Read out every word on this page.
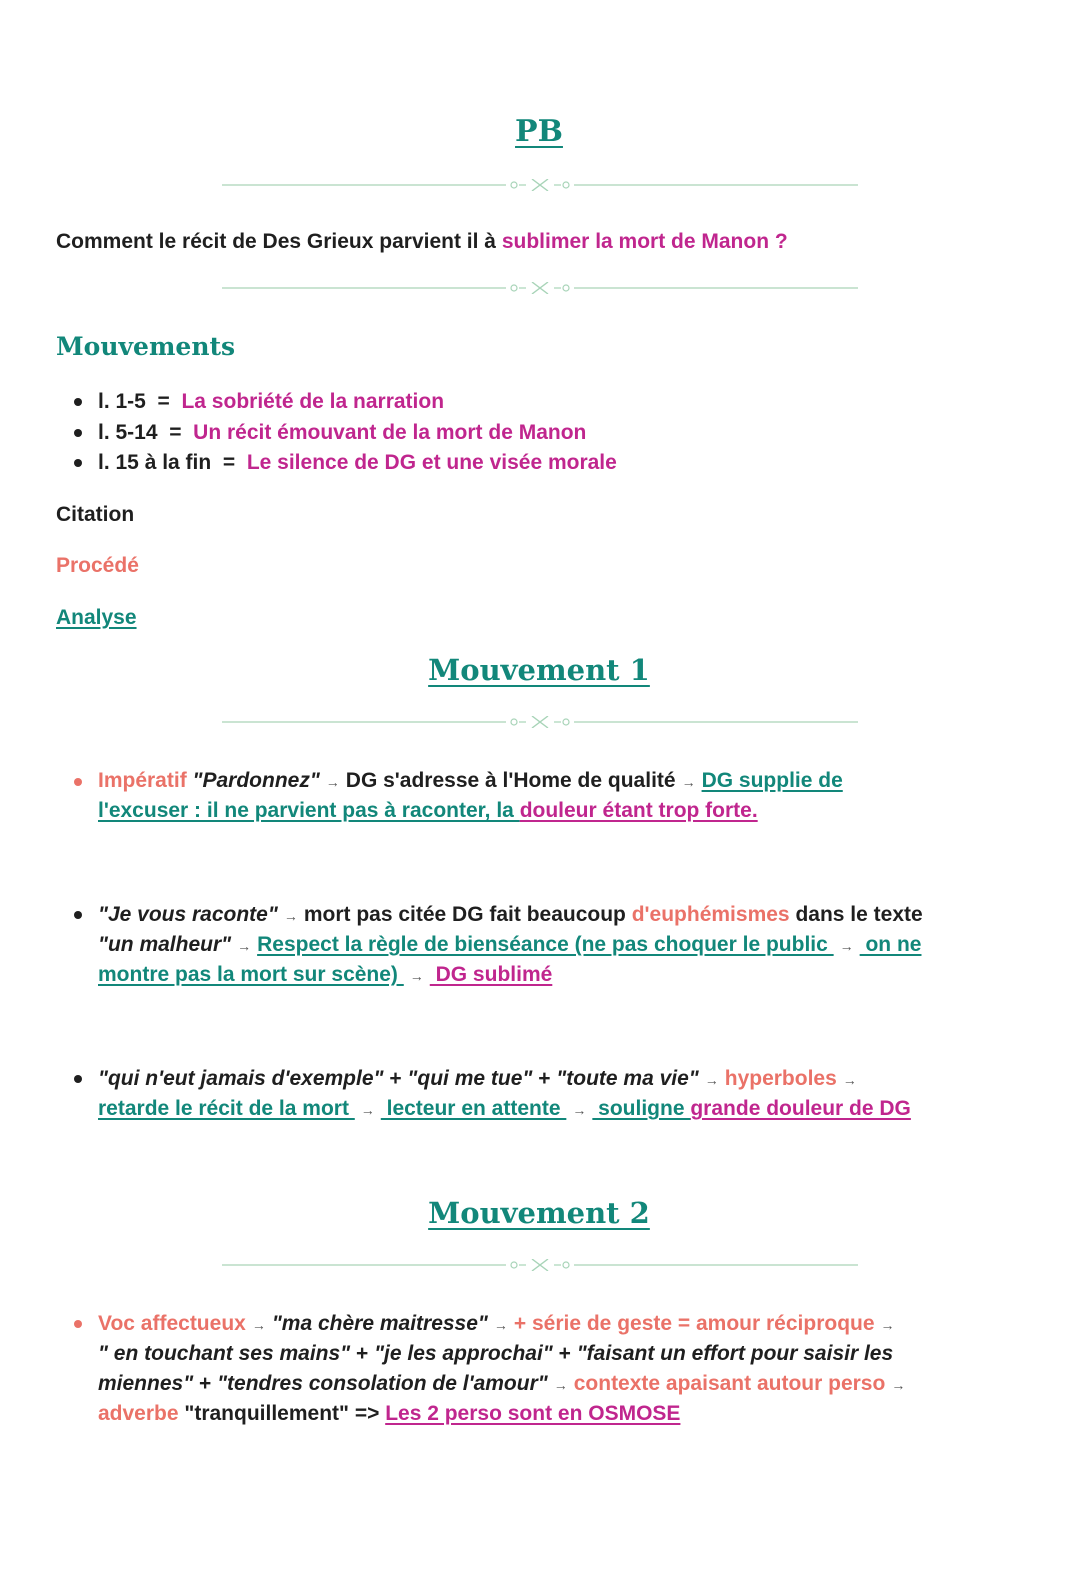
PB
Comment le récit de Des Grieux parvient il à sublimer la mort de Manon ?
Mouvements
l. 1-5 = La sobriété de la narration
l. 5-14 = Un récit émouvant de la mort de Manon
l. 15 à la fin = Le silence de DG et une visée morale
Citation
Procédé
Analyse
Mouvement 1
Impératif "Pardonnez" → DG s'adresse à l'Home de qualité → DG supplie de
l'excuser : il ne parvient pas à raconter, la douleur étant trop forte.
"Je vous raconte" → mort pas citée DG fait beaucoup d'euphémismes dans le texte
"un malheur" → Respect la règle de bienséance (ne pas choquer le public → on ne
montre pas la mort sur scène) → DG sublimé
"qui n'eut jamais d'exemple" + "qui me tue" + "toute ma vie" → hyperboles →
retarde le récit de la mort → lecteur en attente → souligne grande douleur de DG
Mouvement 2
Voc affectueux → "ma chère maitresse" → + série de geste = amour réciproque →
" en touchant ses mains" + "je les approchai" + "faisant un effort pour saisir les
miennes" + "tendres consolation de l'amour" → contexte apaisant autour perso →
adverbe "tranquillement" => Les 2 perso sont en OSMOSE
